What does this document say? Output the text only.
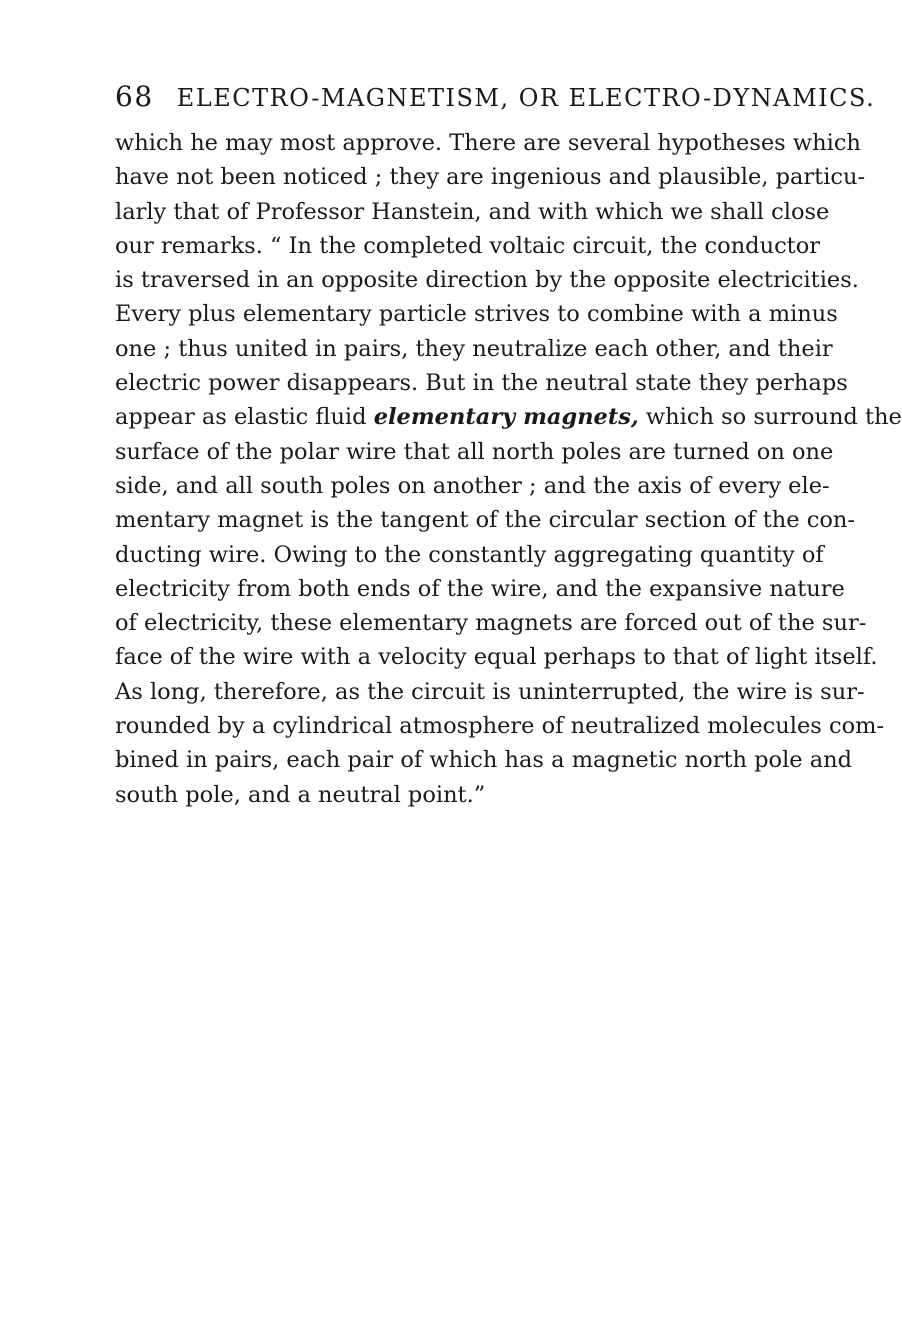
68 ELECTRO-MAGNETISM, OR ELECTRO-DYNAMICS.
which he may most approve. There are several hypotheses which
have not been noticed ; they are ingenious and plausible, particu-
larly that of Professor Hanstein, and with which we shall close
our remarks. “ In the completed voltaic circuit, the conductor
is traversed in an opposite direction by the opposite electricities.
Every plus elementary particle strives to combine with a minus
one ; thus united in pairs, they neutralize each other, and their
electric power disappears. But in the neutral state they perhaps
appear as elastic fluid elementary magnets, which so surround the
surface of the polar wire that all north poles are turned on one
side, and all south poles on another ; and the axis of every ele-
mentary magnet is the tangent of the circular section of the con-
ducting wire. Owing to the constantly aggregating quantity of
electricity from both ends of the wire, and the expansive nature
of electricity, these elementary magnets are forced out of the sur-
face of the wire with a velocity equal perhaps to that of light itself.
As long, therefore, as the circuit is uninterrupted, the wire is sur-
rounded by a cylindrical atmosphere of neutralized molecules com-
bined in pairs, each pair of which has a magnetic north pole and
south pole, and a neutral point.”
